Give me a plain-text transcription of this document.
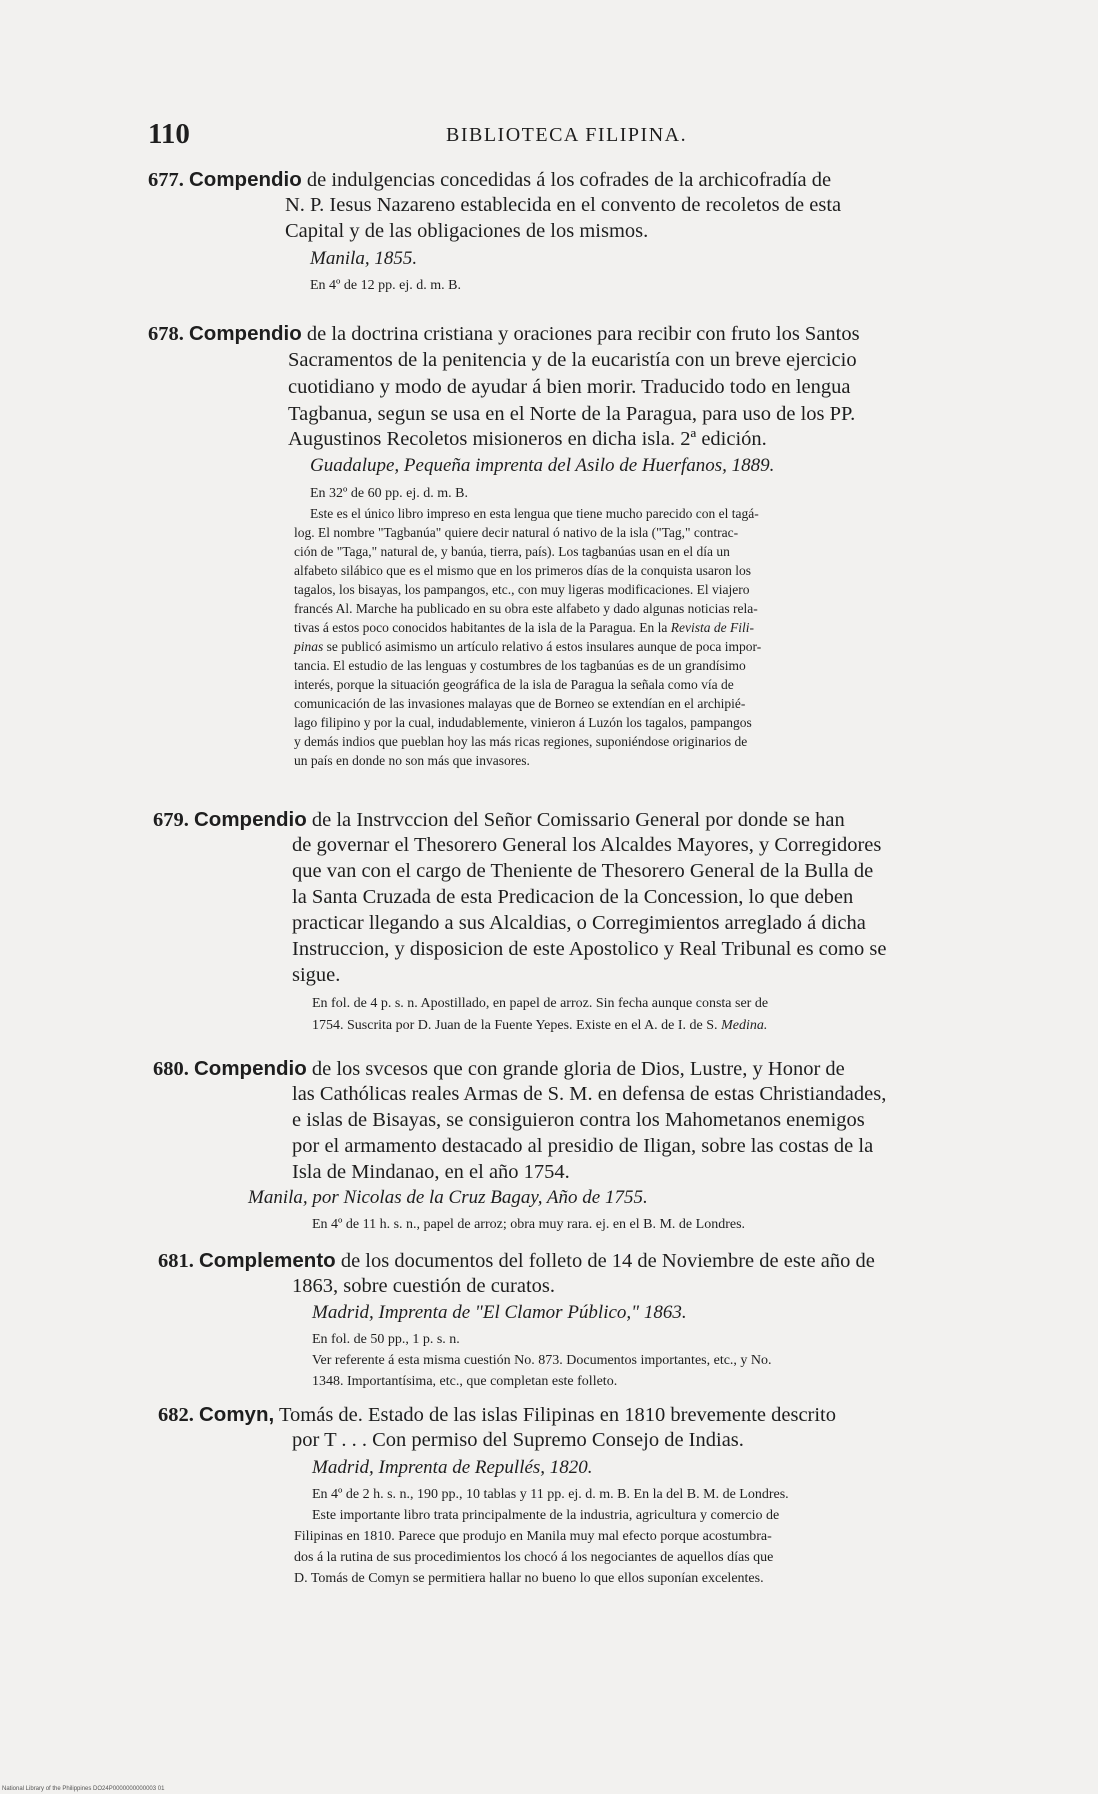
110	BIBLIOTECA FILIPINA.
677. Compendio de indulgencias concedidas á los cofrades de la archicofradía de
N. P. Iesus Nazareno establecida en el convento de recoletos de esta
Capital y de las obligaciones de los mismos.
Manila, 1855.
En 4º de 12 pp. ej. d. m. B.
678. Compendio de la doctrina cristiana y oraciones para recibir con fruto los Santos
Sacramentos de la penitencia y de la eucaristía con un breve ejercicio
cuotidiano y modo de ayudar á bien morir. Traducido todo en lengua
Tagbanua, segun se usa en el Norte de la Paragua, para uso de los PP.
Augustinos Recoletos misioneros en dicha isla. 2ª edición.
Guadalupe, Pequeña imprenta del Asilo de Huerfanos, 1889.
En 32º de 60 pp. ej. d. m. B.
Este es el único libro impreso en esta lengua que tiene mucho parecido con el tagá-
log. El nombre "Tagbanúa" quiere decir natural ó nativo de la isla ("Tag," contrac-
ción de "Taga," natural de, y banúa, tierra, país). Los tagbanúas usan en el día un
alfabeto silábico que es el mismo que en los primeros días de la conquista usaron los
tagalos, los bisayas, los pampangos, etc., con muy ligeras modificaciones. El viajero
francés Al. Marche ha publicado en su obra este alfabeto y dado algunas noticias rela-
tivas á estos poco conocidos habitantes de la isla de la Paragua. En la Revista de Fili-
pinas se publicó asimismo un artículo relativo á estos insulares aunque de poca impor-
tancia. El estudio de las lenguas y costumbres de los tagbanúas es de un grandísimo
interés, porque la situación geográfica de la isla de Paragua la señala como vía de
comunicación de las invasiones malayas que de Borneo se extendían en el archipié-
lago filipino y por la cual, indudablemente, vinieron á Luzón los tagalos, pampangos
y demás indios que pueblan hoy las más ricas regiones, suponiéndose originarios de
un país en donde no son más que invasores.
679. Compendio de la Instrvccion del Señor Comissario General por donde se han
de governar el Thesorero General los Alcaldes Mayores, y Corregidores
que van con el cargo de Theniente de Thesorero General de la Bulla de
la Santa Cruzada de esta Predicacion de la Concession, lo que deben
practicar llegando a sus Alcaldias, o Corregimientos arreglado á dicha
Instruccion, y disposicion de este Apostolico y Real Tribunal es como se
sigue.
En fol. de 4 p. s. n. Apostillado, en papel de arroz. Sin fecha aunque consta ser de
1754. Suscrita por D. Juan de la Fuente Yepes. Existe en el A. de I. de S. Medina.
680. Compendio de los svcesos que con grande gloria de Dios, Lustre, y Honor de
las Cathólicas reales Armas de S. M. en defensa de estas Christiandades,
e islas de Bisayas, se consiguieron contra los Mahometanos enemigos
por el armamento destacado al presidio de Iligan, sobre las costas de la
Isla de Mindanao, en el año 1754.
Manila, por Nicolas de la Cruz Bagay, Año de 1755.
En 4º de 11 h. s. n., papel de arroz; obra muy rara. ej. en el B. M. de Londres.
681. Complemento de los documentos del folleto de 14 de Noviembre de este año de
1863, sobre cuestión de curatos.
Madrid, Imprenta de "El Clamor Público," 1863.
En fol. de 50 pp., 1 p. s. n.
Ver referente á esta misma cuestión No. 873. Documentos importantes, etc., y No.
1348. Importantísima, etc., que completan este folleto.
682. Comyn, Tomás de. Estado de las islas Filipinas en 1810 brevemente descrito
por T . . . Con permiso del Supremo Consejo de Indias.
Madrid, Imprenta de Repullés, 1820.
En 4º de 2 h. s. n., 190 pp., 10 tablas y 11 pp. ej. d. m. B. En la del B. M. de Londres.
Este importante libro trata principalmente de la industria, agricultura y comercio de
Filipinas en 1810. Parece que produjo en Manila muy mal efecto porque acostumbra-
dos á la rutina de sus procedimientos los chocó á los negociantes de aquellos días que
D. Tomás de Comyn se permitiera hallar no bueno lo que ellos suponían excelentes.
National Library of the Philippines DO24P0000000000003 01
